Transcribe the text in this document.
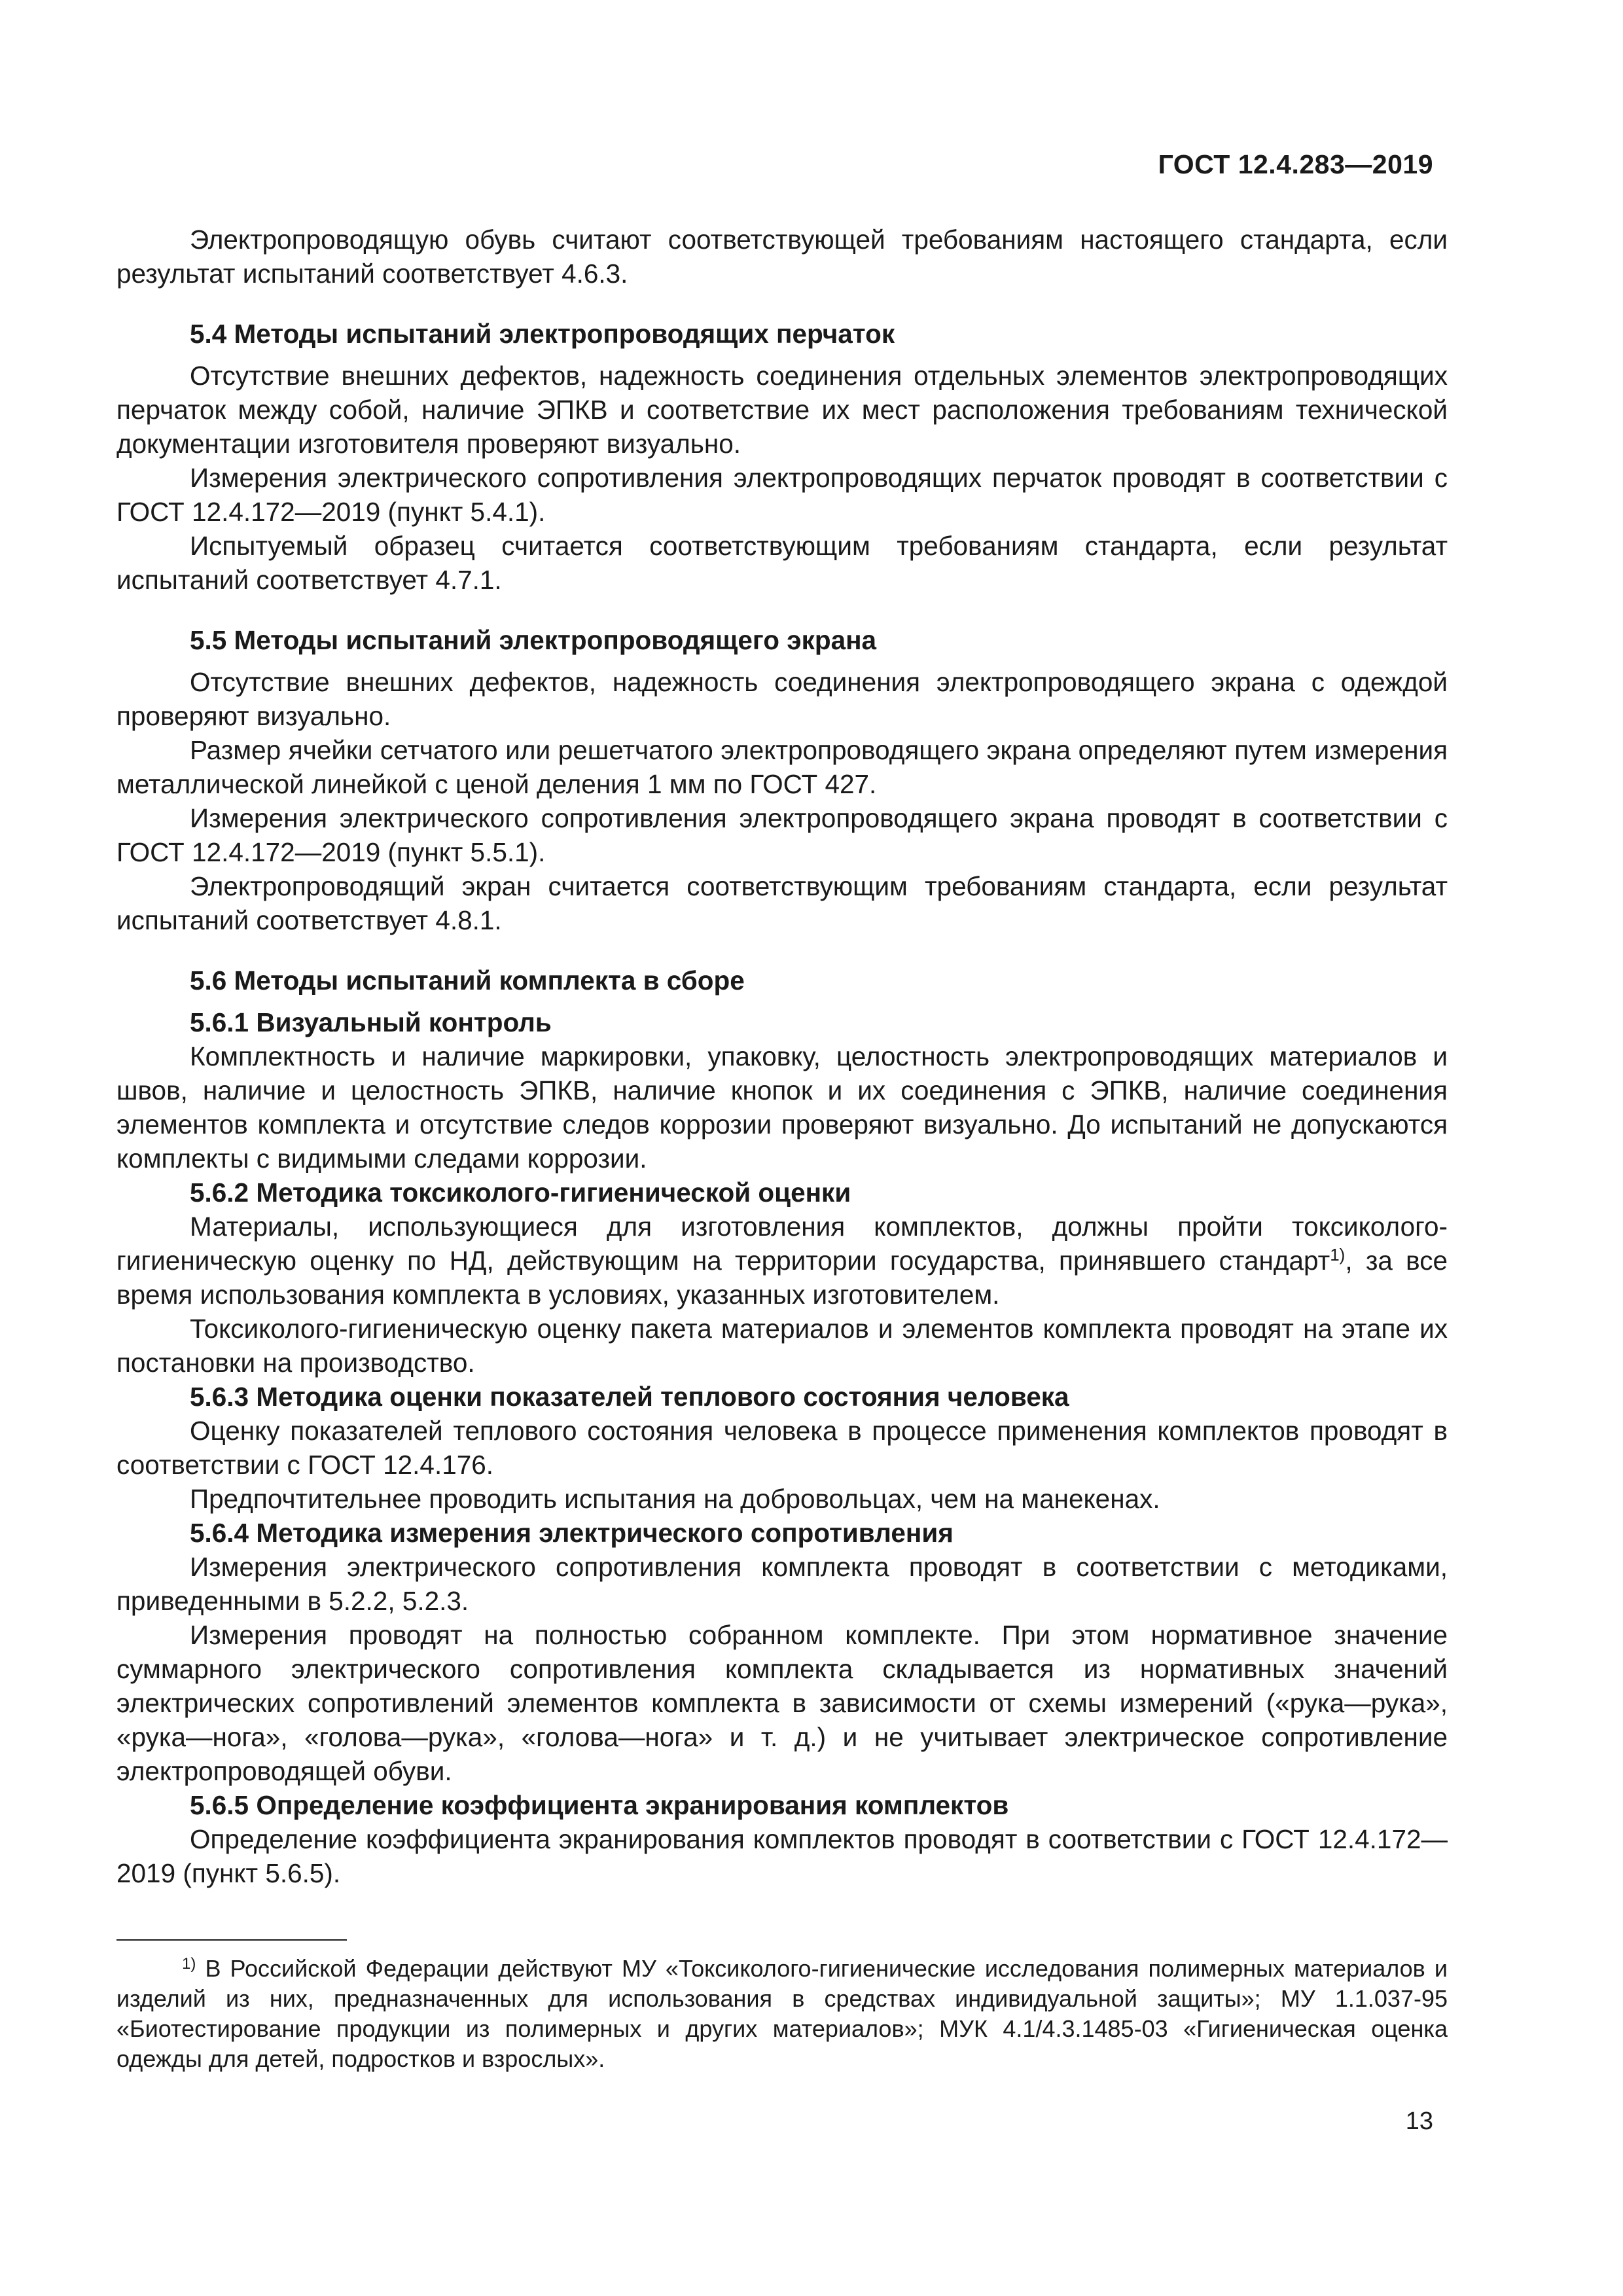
ГОСТ 12.4.283—2019

Электропроводящую обувь считают соответствующей требованиям настоящего стандарта, если результат испытаний соответствует 4.6.3.

5.4 Методы испытаний электропроводящих перчаток

Отсутствие внешних дефектов, надежность соединения отдельных элементов электропроводящих перчаток между собой, наличие ЭПКВ и соответствие их мест расположения требованиям технической документации изготовителя проверяют визуально.

Измерения электрического сопротивления электропроводящих перчаток проводят в соответствии с ГОСТ 12.4.172—2019 (пункт 5.4.1).

Испытуемый образец считается соответствующим требованиям стандарта, если результат испытаний соответствует 4.7.1.

5.5 Методы испытаний электропроводящего экрана

Отсутствие внешних дефектов, надежность соединения электропроводящего экрана с одеждой проверяют визуально.

Размер ячейки сетчатого или решетчатого электропроводящего экрана определяют путем измерения металлической линейкой с ценой деления 1 мм по ГОСТ 427.

Измерения электрического сопротивления электропроводящего экрана проводят в соответствии с ГОСТ 12.4.172—2019 (пункт 5.5.1).

Электропроводящий экран считается соответствующим требованиям стандарта, если результат испытаний соответствует 4.8.1.

5.6 Методы испытаний комплекта в сборе
5.6.1 Визуальный контроль

Комплектность и наличие маркировки, упаковку, целостность электропроводящих материалов и швов, наличие и целостность ЭПКВ, наличие кнопок и их соединения с ЭПКВ, наличие соединения элементов комплекта и отсутствие следов коррозии проверяют визуально. До испытаний не допускаются комплекты с видимыми следами коррозии.

5.6.2 Методика токсиколого-гигиенической оценки

Материалы, использующиеся для изготовления комплектов, должны пройти токсиколого-гигиеническую оценку по НД, действующим на территории государства, принявшего стандарт$^{1)}$, за все время использования комплекта в условиях, указанных изготовителем.

Токсиколого-гигиеническую оценку пакета материалов и элементов комплекта проводят на этапе их постановки на производство.

5.6.3 Методика оценки показателей теплового состояния человека

Оценку показателей теплового состояния человека в процессе применения комплектов проводят в соответствии с ГОСТ 12.4.176.

Предпочтительнее проводить испытания на добровольцах, чем на манекенах.

5.6.4 Методика измерения электрического сопротивления

Измерения электрического сопротивления комплекта проводят в соответствии с методиками, приведенными в 5.2.2, 5.2.3.

Измерения проводят на полностью собранном комплекте. При этом нормативное значение суммарного электрического сопротивления комплекта складывается из нормативных значений электрических сопротивлений элементов комплекта в зависимости от схемы измерений («рука—рука», «рука—нога», «голова—рука», «голова—нога» и т. д.) и не учитывает электрическое сопротивление электропроводящей обуви.

5.6.5 Определение коэффициента экранирования комплектов

Определение коэффициента экранирования комплектов проводят в соответствии с ГОСТ 12.4.172—2019 (пункт 5.6.5).

$^{1)}$ В Российской Федерации действуют МУ «Токсиколого-гигиенические исследования полимерных материалов и изделий из них, предназначенных для использования в средствах индивидуальной защиты»; МУ 1.1.037-95 «Биотестирование продукции из полимерных и других материалов»; МУК 4.1/4.3.1485-03 «Гигиеническая оценка одежды для детей, подростков и взрослых».

13
